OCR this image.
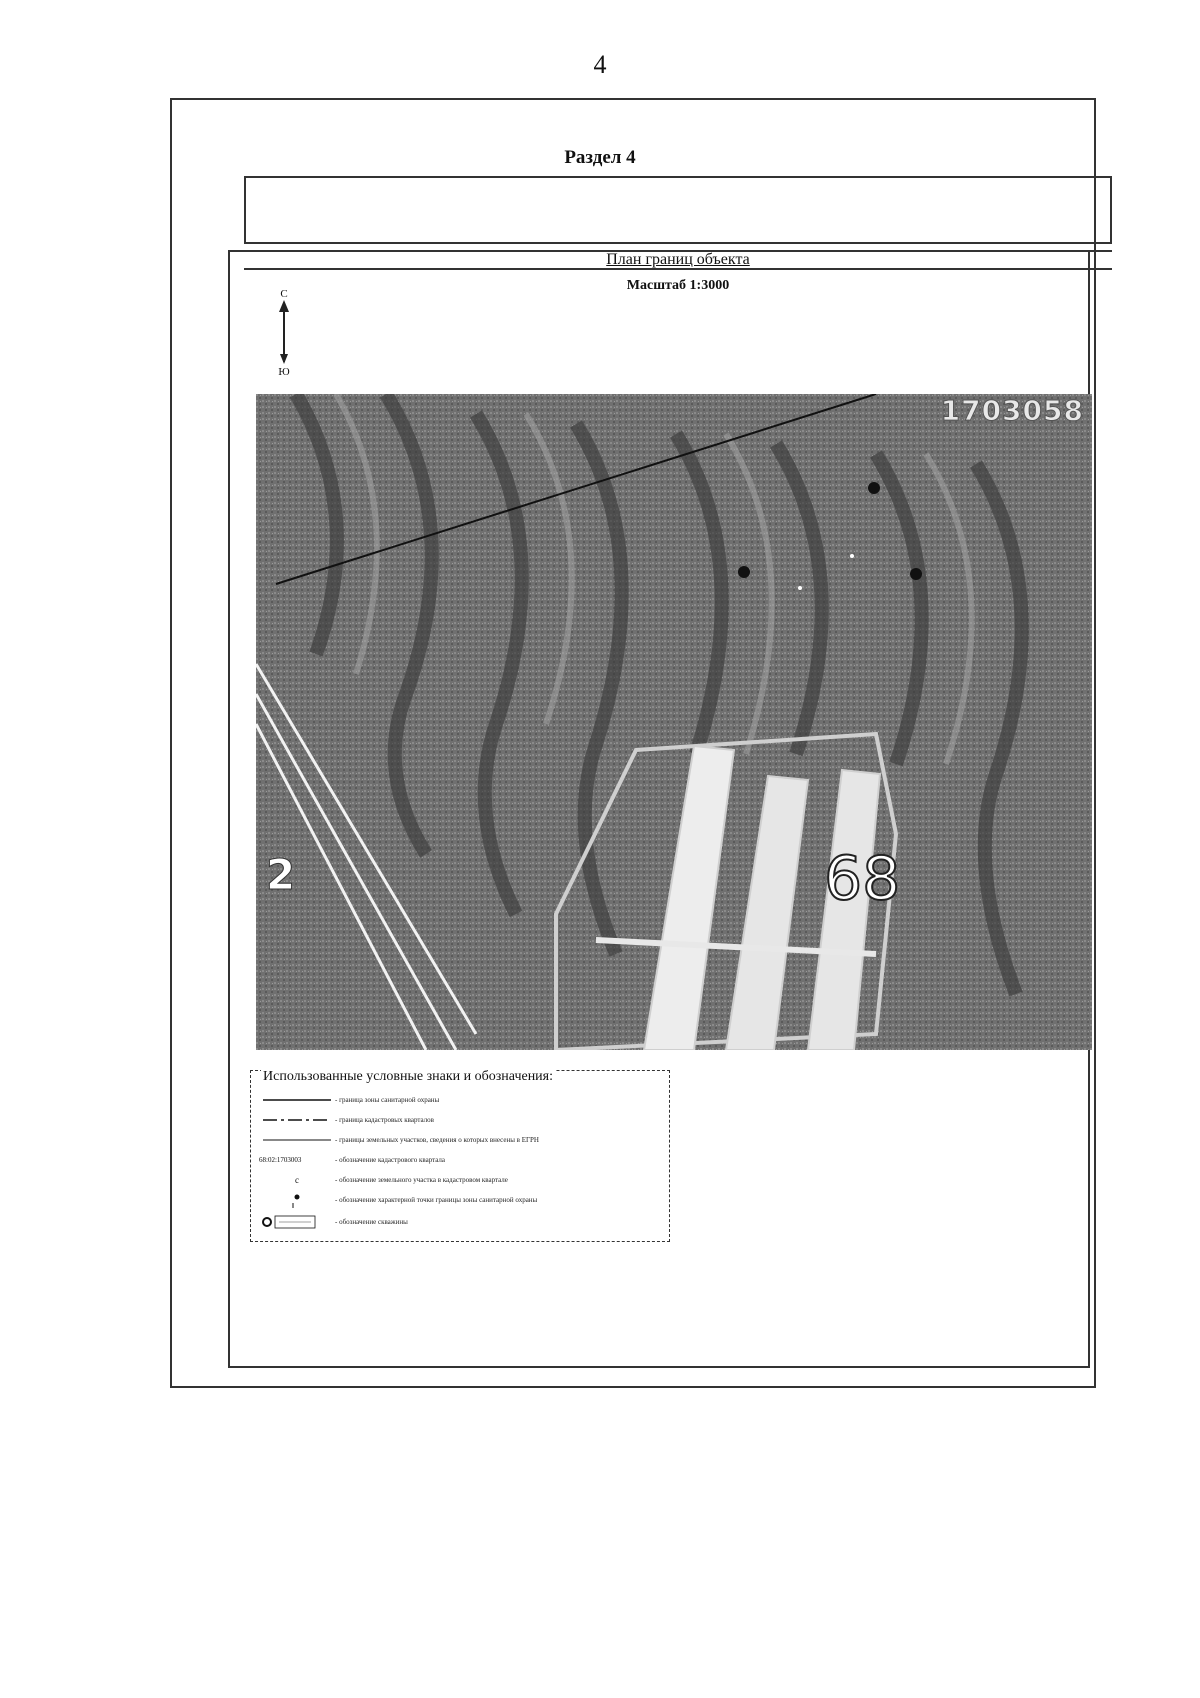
4
Раздел 4
План границ объекта
Масштаб 1:3000
С
Ю
1703058
2	68
Использованные условные знаки и обозначения:
- граница зоны санитарной охраны
- граница кадастровых кварталов
- границы земельных участков, сведения о которых внесены в ЕГРН
68:02:1703003	- обозначение кадастрового квартала
c	- обозначение земельного участка в кадастровом квартале
- обозначение характерной точки границы зоны санитарной охраны
- обозначение скважины
